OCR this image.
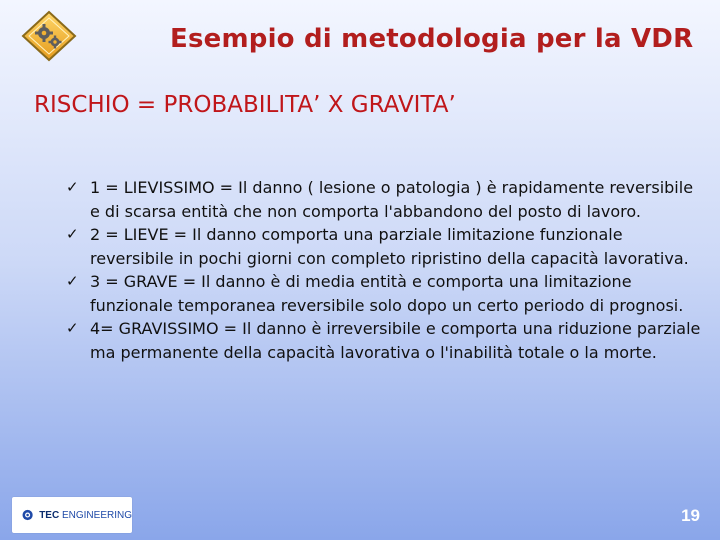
Esempio di metodologia per la VDR
RISCHIO = PROBABILITA’ X GRAVITA’
✓ 1 = LIEVISSIMO = Il danno ( lesione o patologia ) è rapidamente reversibile e di scarsa entità che non comporta l'abbandono del posto di lavoro.
✓ 2 = LIEVE = Il danno comporta una parziale limitazione funzionale reversibile in pochi giorni con completo ripristino della capacità lavorativa.
✓ 3 = GRAVE = Il danno è di media entità e comporta una limitazione funzionale temporanea reversibile solo dopo un certo periodo di prognosi.
✓ 4= GRAVISSIMO = Il danno è irreversibile e comporta una riduzione parziale ma permanente della capacità lavorativa o l'inabilità totale o la morte.
TEC ENGINEERING	19
